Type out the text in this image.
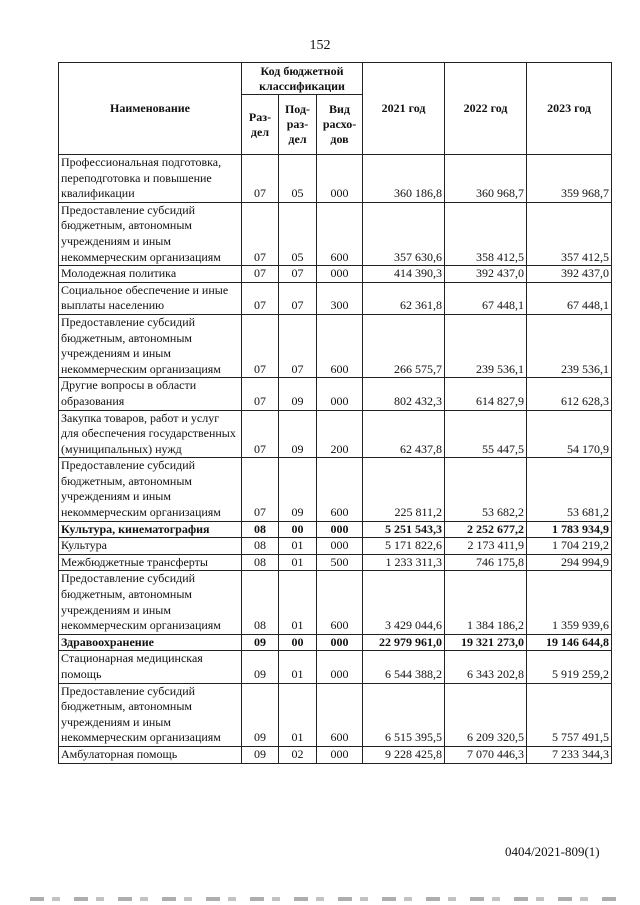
152
Наименование	Код бюджетной классификации			2021 год	2022 год	2023 год
	Раз-дел	Под-раз-дел	Вид расхо-дов			
Профессиональная подготовка, переподготовка и повышение квалификации	07	05	000	360 186,8	360 968,7	359 968,7
Предоставление субсидий бюджетным, автономным учреждениям и иным некоммерческим организациям	07	05	600	357 630,6	358 412,5	357 412,5
Молодежная политика	07	07	000	414 390,3	392 437,0	392 437,0
Социальное обеспечение и иные выплаты населению	07	07	300	62 361,8	67 448,1	67 448,1
Предоставление субсидий бюджетным, автономным учреждениям и иным некоммерческим организациям	07	07	600	266 575,7	239 536,1	239 536,1
Другие вопросы в области образования	07	09	000	802 432,3	614 827,9	612 628,3
Закупка товаров, работ и услуг для обеспечения государственных (муниципальных) нужд	07	09	200	62 437,8	55 447,5	54 170,9
Предоставление субсидий бюджетным, автономным учреждениям и иным некоммерческим организациям	07	09	600	225 811,2	53 682,2	53 681,2
Культура, кинематография	08	00	000	5 251 543,3	2 252 677,2	1 783 934,9
Культура	08	01	000	5 171 822,6	2 173 411,9	1 704 219,2
Межбюджетные трансферты	08	01	500	1 233 311,3	746 175,8	294 994,9
Предоставление субсидий бюджетным, автономным учреждениям и иным некоммерческим организациям	08	01	600	3 429 044,6	1 384 186,2	1 359 939,6
Здравоохранение	09	00	000	22 979 961,0	19 321 273,0	19 146 644,8
Стационарная медицинская помощь	09	01	000	6 544 388,2	6 343 202,8	5 919 259,2
Предоставление субсидий бюджетным, автономным учреждениям и иным некоммерческим организациям	09	01	600	6 515 395,5	6 209 320,5	5 757 491,5
Амбулаторная помощь	09	02	000	9 228 425,8	7 070 446,3	7 233 344,3
0404/2021-809(1)
